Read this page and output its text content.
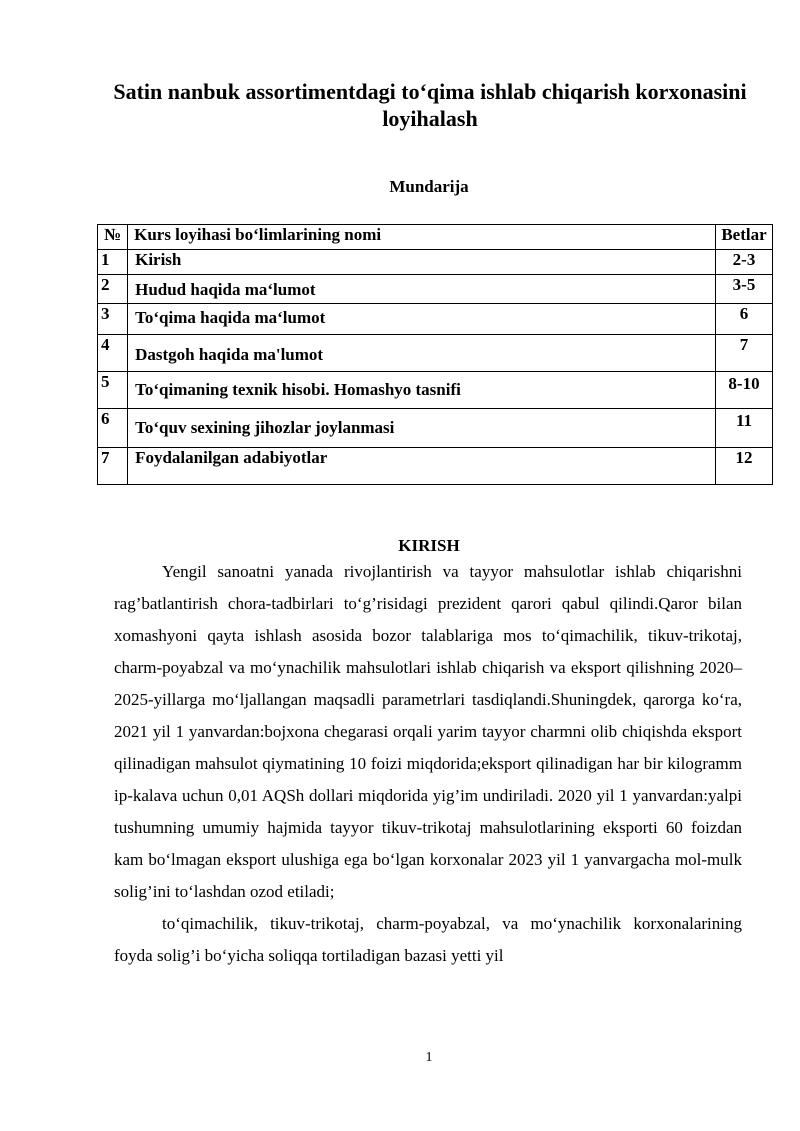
Satin nanbuk assortimentdagi to‘qima ishlab chiqarish korxonasini loyihalash
Mundarija
№	Kurs loyihasi bo‘limlarining nomi	Betlar
1	Kirish	2-3
2	Hudud haqida ma‘lumot	3-5
3	To‘qima haqida ma‘lumot	6
4	Dastgoh haqida ma'lumot	7
5	To‘qimaning texnik hisobi. Homashyo tasnifi	8-10
6	To‘quv sexining jihozlar joylanmasi	11
7	Foydalanilgan adabiyotlar	12
KIRISH

Yengil sanoatni yanada rivojlantirish va tayyor mahsulotlar ishlab chiqarishni rag’batlantirish chora-tadbirlari to‘g’risidagi prezident qarori qabul qilindi.Qaror bilan xomashyoni qayta ishlash asosida bozor talablariga mos to‘qimachilik, tikuv-trikotaj, charm-poyabzal va mo‘ynachilik mahsulotlari ishlab chiqarish va eksport qilishning 2020–2025-yillarga mo‘ljallangan maqsadli parametrlari tasdiqlandi.Shuningdek, qarorga ko‘ra, 2021 yil 1 yanvardan:bojxona chegarasi orqali yarim tayyor charmni olib chiqishda eksport qilinadigan mahsulot qiymatining 10 foizi miqdorida;eksport qilinadigan har bir kilogramm ip-kalava uchun 0,01 AQSh dollari miqdorida yig’im undiriladi. 2020 yil 1 yanvardan:yalpi tushumning umumiy hajmida tayyor tikuv-trikotaj mahsulotlarining eksporti 60 foizdan kam bo‘lmagan eksport ulushiga ega bo‘lgan korxonalar 2023 yil 1 yanvargacha mol-mulk solig’ini to‘lashdan ozod etiladi;

to‘qimachilik, tikuv-trikotaj, charm-poyabzal, va mo‘ynachilik korxonalarining foyda solig’i bo‘yicha soliqqa tortiladigan bazasi yetti yil

1
